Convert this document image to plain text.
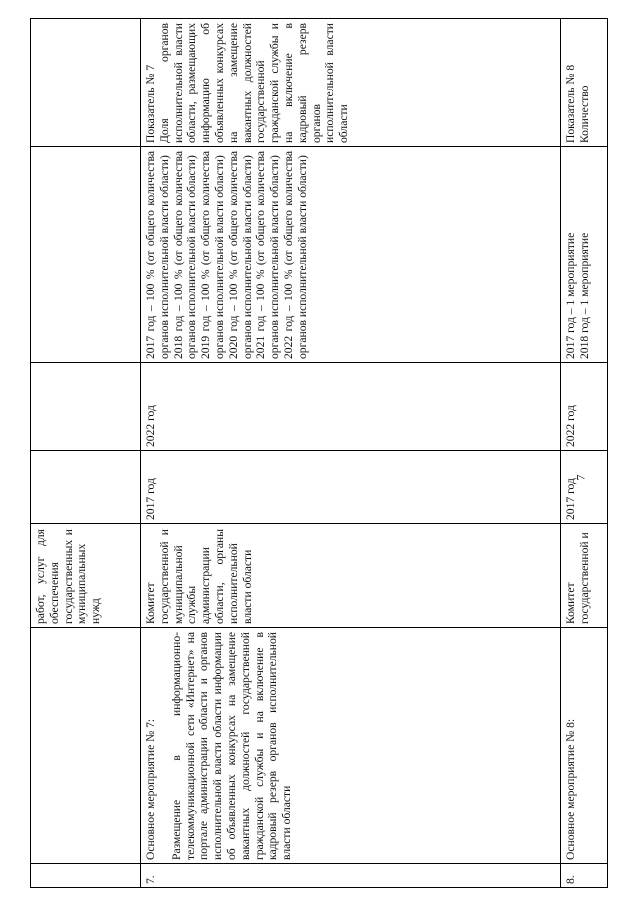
7
работ, услуг для обеспечения государственных и муниципальных нужд
7.
Основное мероприятие № 7: Размещение в информационно-телекоммуникационной сети «Интернет» на портале администрации области и органов исполнительной власти области информации об объявленных конкурсах на замещение вакантных должностей государственной гражданской службы и на включение в кадровый резерв органов исполнительной власти области
Комитет государственной и муниципальной службы администрации области, органы исполнительной власти области
2017 год
2022 год
2017 год – 100 % (от общего количества органов исполнительной власти области) 2018 год – 100 % (от общего количества органов исполнительной власти области) 2019 год – 100 % (от общего количества органов исполнительной власти области) 2020 год – 100 % (от общего количества органов исполнительной власти области) 2021 год – 100 % (от общего количества органов исполнительной власти области) 2022 год – 100 % (от общего количества органов исполнительной власти области)
Показатель № 7 Доля органов исполнительной власти области, размещающих информацию об объявленных конкурсах на замещение вакантных должностей государственной гражданской службы и на включение в кадровый резерв органов исполнительной власти области
8.
Основное мероприятие № 8:
Комитет государственной и
2017 год
2022 год
2017 год – 1 мероприятие 2018 год – 1 мероприятие
Показатель № 8 Количество
